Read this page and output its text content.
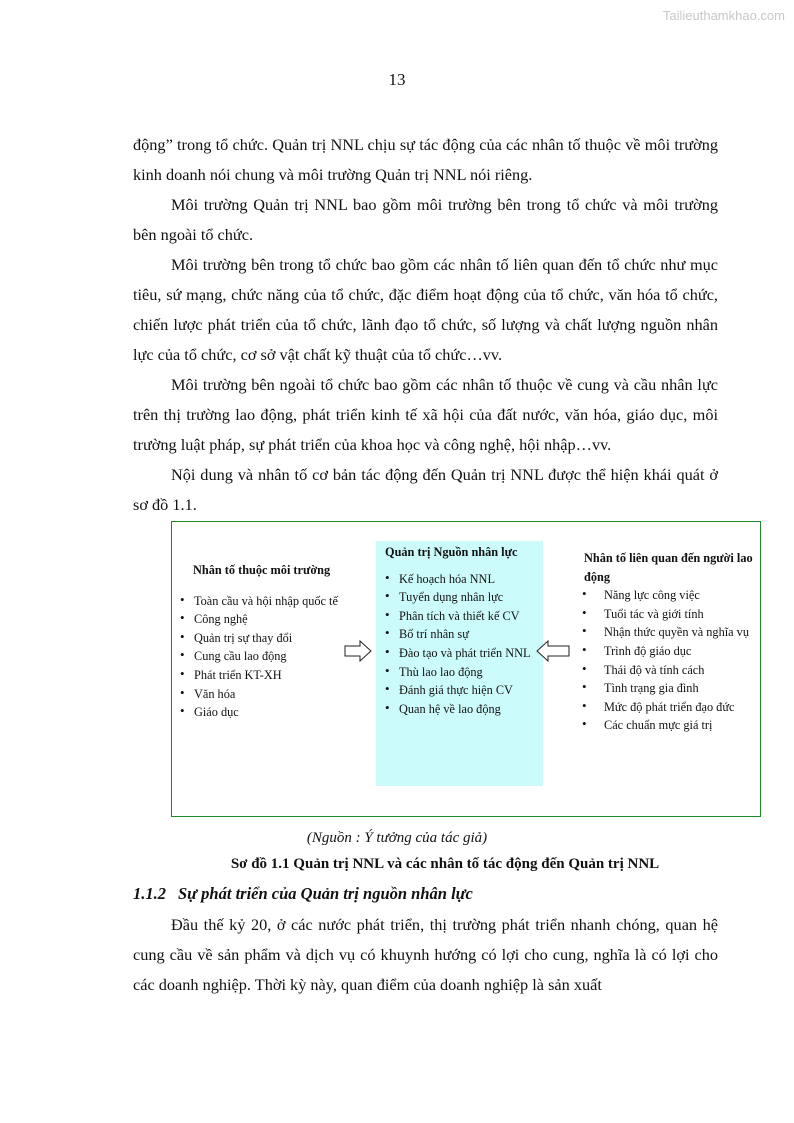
Tailieuthamkhao.com
13

động” trong tổ chức. Quản trị NNL chịu sự tác động của các nhân tố thuộc về môi trường kinh doanh nói chung và môi trường Quản trị NNL nói riêng.

Môi trường Quản trị NNL bao gồm môi trường bên trong tổ chức và môi trường bên ngoài tổ chức.

Môi trường bên trong tổ chức bao gồm các nhân tố liên quan đến tổ chức như mục tiêu, sứ mạng, chức năng của tổ chức, đặc điểm hoạt động của tổ chức, văn hóa tổ chức, chiến lược phát triển của tổ chức, lãnh đạo tổ chức, số lượng và chất lượng nguồn nhân lực của tổ chức, cơ sở vật chất kỹ thuật của tổ chức…vv.

Môi trường bên ngoài tổ chức bao gồm các nhân tố thuộc về cung và cầu nhân lực trên thị trường lao động, phát triển kinh tế xã hội của đất nước, văn hóa, giáo dục, môi trường luật pháp, sự phát triển của khoa học và công nghệ, hội nhập…vv.

Nội dung và nhân tố cơ bản tác động đến Quản trị NNL được thể hiện khái quát ở sơ đồ 1.1.

Nhân tố thuộc môi trường
• Toàn cầu và hội nhập quốc tế
• Công nghệ
• Quản trị sự thay đổi
• Cung cầu lao động
• Phát triển KT-XH
• Văn hóa
• Giáo dục
Quản trị Nguồn nhân lực
• Kế hoạch hóa NNL
• Tuyển dụng nhân lực
• Phân tích và thiết kế CV
• Bố trí nhân sự
• Đào tạo và phát triển NNL
• Thù lao lao động
• Đánh giá thực hiện CV
• Quan hệ về lao động
Nhân tố liên quan đến người lao động
• Năng lực công việc
• Tuổi tác và giới tính
• Nhận thức quyền và nghĩa vụ
• Trình độ giáo dục
• Thái độ và tính cách
• Tình trạng gia đình
• Mức độ phát triển đạo đức
• Các chuẩn mực giá trị
(Nguồn : Ý tưởng của tác giả)
Sơ đồ 1.1 Quản trị NNL và các nhân tố tác động đến Quản trị NNL
1.1.2 Sự phát triển của Quản trị nguồn nhân lực

Đầu thế kỷ 20, ở các nước phát triển, thị trường phát triển nhanh chóng, quan hệ cung cầu về sản phẩm và dịch vụ có khuynh hướng có lợi cho cung, nghĩa là có lợi cho các doanh nghiệp. Thời kỳ này, quan điểm của doanh nghiệp là sản xuất
